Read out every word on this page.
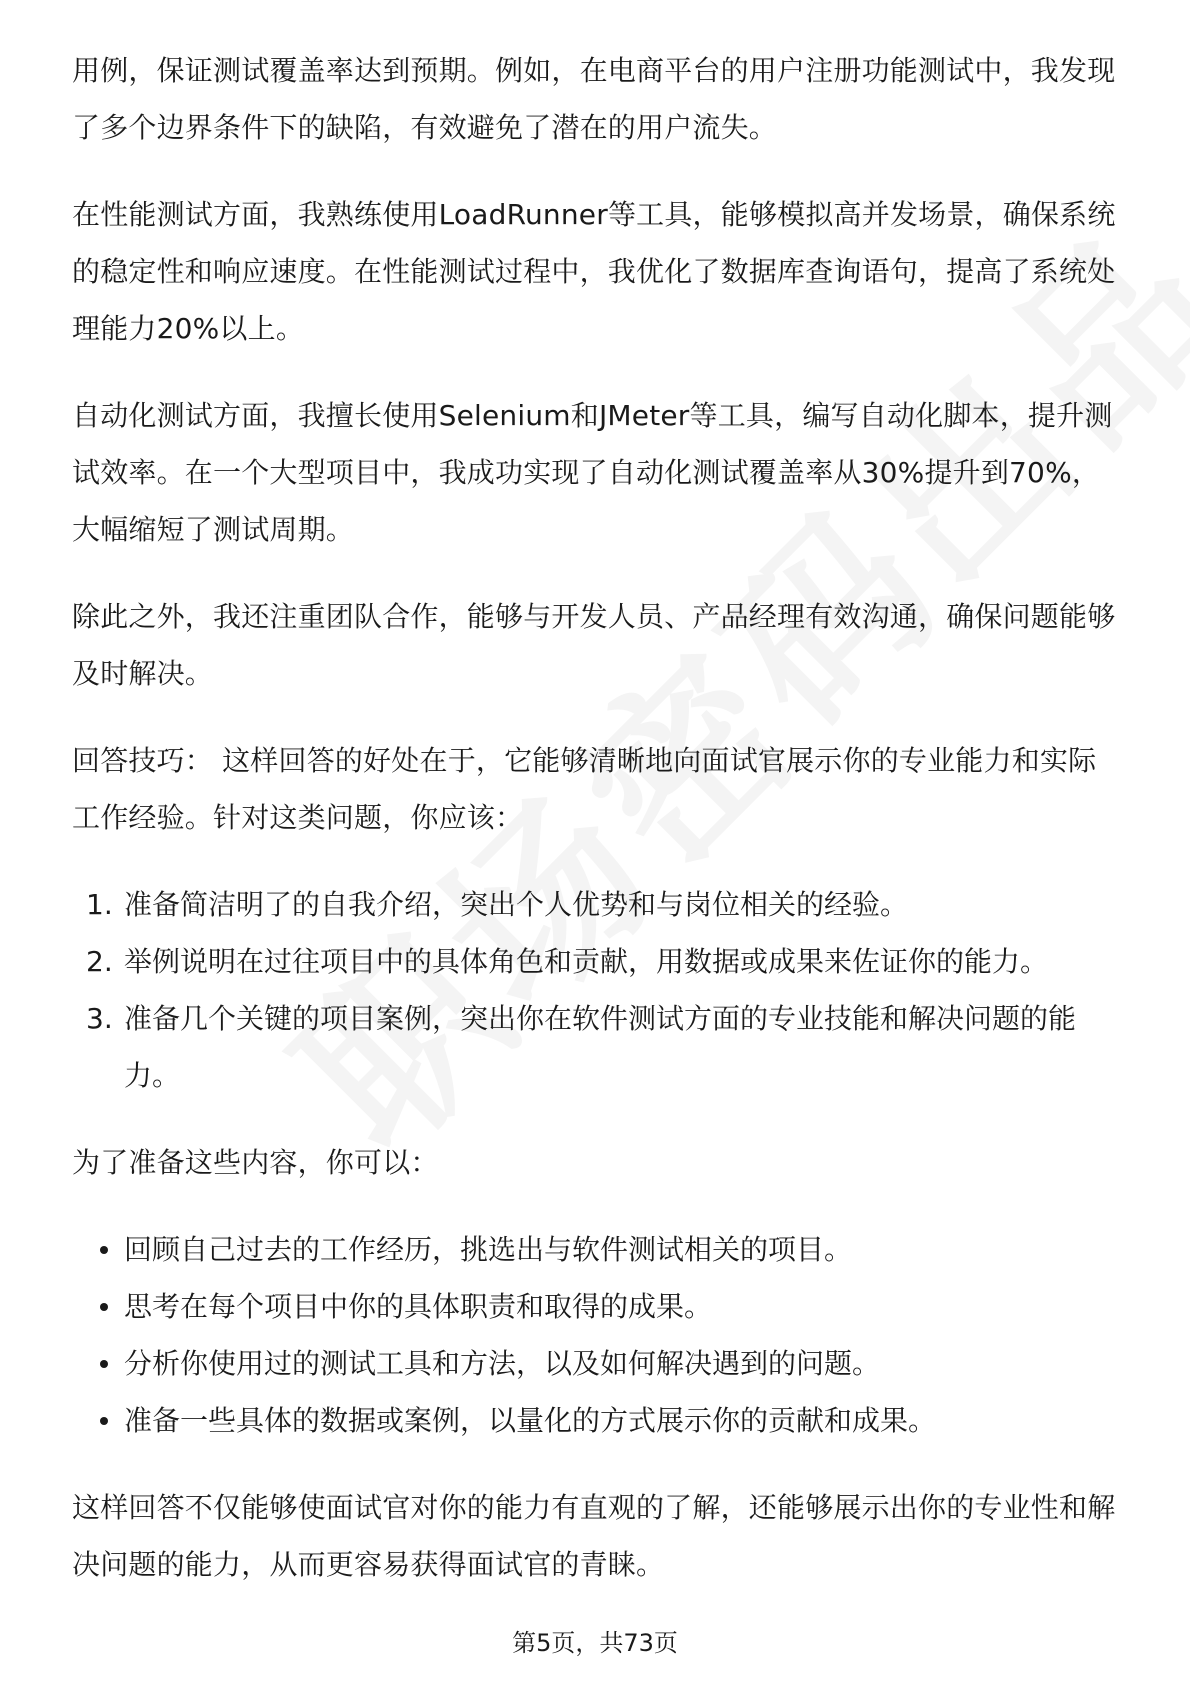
用例，保证测试覆盖率达到预期。例如，在电商平台的用户注册功能测试中，我发现了多个边界条件下的缺陷，有效避免了潜在的用户流失。

在性能测试方面，我熟练使用LoadRunner等工具，能够模拟高并发场景，确保系统的稳定性和响应速度。在性能测试过程中，我优化了数据库查询语句，提高了系统处理能力20%以上。

自动化测试方面，我擅长使用Selenium和JMeter等工具，编写自动化脚本，提升测试效率。在一个大型项目中，我成功实现了自动化测试覆盖率从30%提升到70%，大幅缩短了测试周期。

除此之外，我还注重团队合作，能够与开发人员、产品经理有效沟通，确保问题能够及时解决。

回答技巧： 这样回答的好处在于，它能够清晰地向面试官展示你的专业能力和实际工作经验。针对这类问题，你应该：

1. 准备简洁明了的自我介绍，突出个人优势和与岗位相关的经验。
2. 举例说明在过往项目中的具体角色和贡献，用数据或成果来佐证你的能力。
3. 准备几个关键的项目案例，突出你在软件测试方面的专业技能和解决问题的能力。

为了准备这些内容，你可以：

回顾自己过去的工作经历，挑选出与软件测试相关的项目。
思考在每个项目中你的具体职责和取得的成果。
分析你使用过的测试工具和方法，以及如何解决遇到的问题。
准备一些具体的数据或案例，以量化的方式展示你的贡献和成果。

这样回答不仅能够使面试官对你的能力有直观的了解，还能够展示出你的专业性和解决问题的能力，从而更容易获得面试官的青睐。

第5页，共73页
